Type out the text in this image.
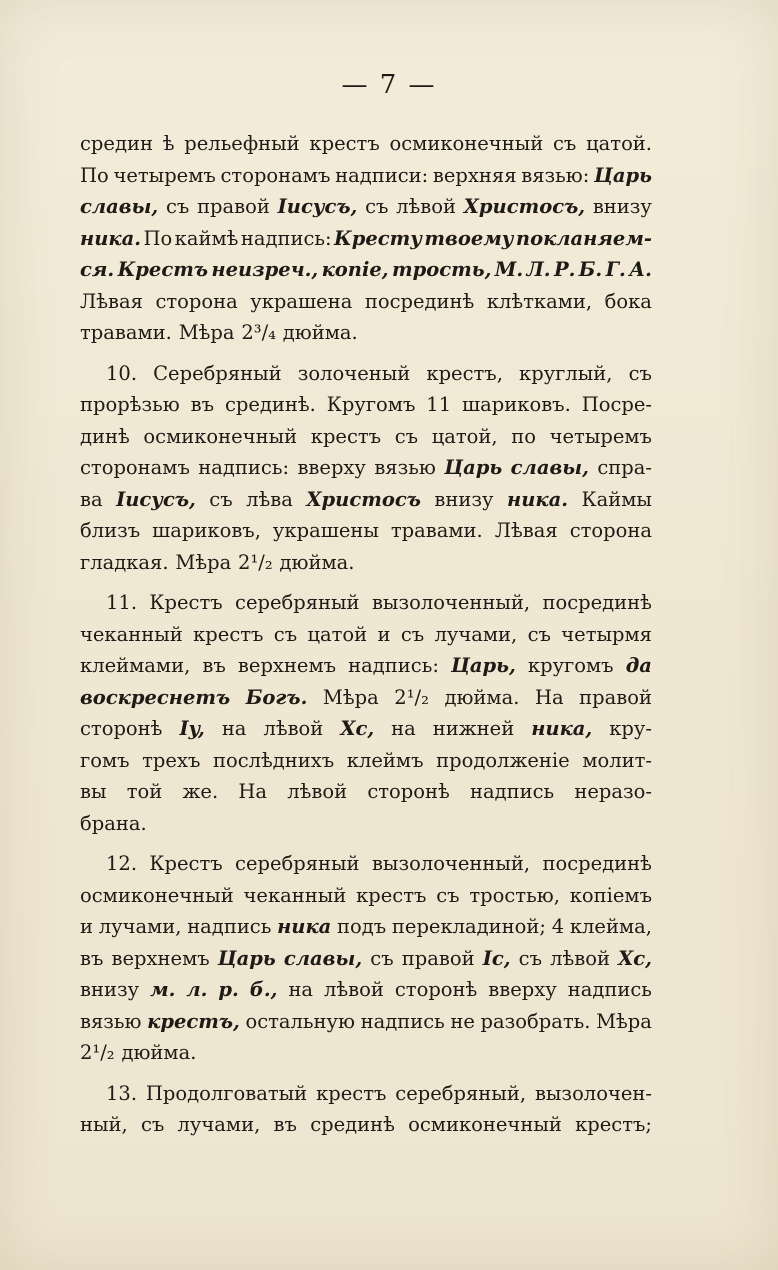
— 7 —
средин ѣ рельефный крестъ осмиконечный съ цатой.
По четыремъ сторонамъ надписи: верхняя вязью: Царь
славы, съ правой Iисусъ, съ лѣвой Христосъ, внизу
ника. По каймѣ надпись: Кресту твоему покланяем-
ся. Крестъ неизреч., копiе, трость, М. Л. Р. Б. Г. А.
Лѣвая сторона украшена посрединѣ клѣтками, бока
травами. Мѣра 2³/₄ дюйма.
10. Серебряный золоченый крестъ, круглый, съ
прорѣзью въ срединѣ. Кругомъ 11 шариковъ. Посре-
динѣ осмиконечный крестъ съ цатой, по четыремъ
сторонамъ надпись: вверху вязью Царь славы, спра-
ва Iисусъ, съ лѣва Христосъ внизу ника. Каймы
близъ шариковъ, украшены травами. Лѣвая сторона
гладкая. Мѣра 2¹/₂ дюйма.
11. Крестъ серебряный вызолоченный, посрединѣ
чеканный крестъ съ цатой и съ лучами, съ четырмя
клеймами, въ верхнемъ надпись: Царь, кругомъ да
воскреснетъ Богъ. Мѣра 2¹/₂ дюйма. На правой
сторонѣ Iy, на лѣвой Xc, на нижней ника, кру-
гомъ трехъ послѣднихъ клеймъ продолженiе молит-
вы той же. На лѣвой сторонѣ надпись неразо-
брана.
12. Крестъ серебряный вызолоченный, посрединѣ
осмиконечный чеканный крестъ съ тростью, копiемъ
и лучами, надпись ника подъ перекладиной; 4 клейма,
въ верхнемъ Царь славы, съ правой Ic, съ лѣвой Xc,
внизу м. л. р. б., на лѣвой сторонѣ вверху надпись
вязью крестъ, остальную надпись не разобрать. Мѣра
2¹/₂ дюйма.
13. Продолговатый крестъ серебряный, вызолочен-
ный, съ лучами, въ срединѣ осмиконечный крестъ;
